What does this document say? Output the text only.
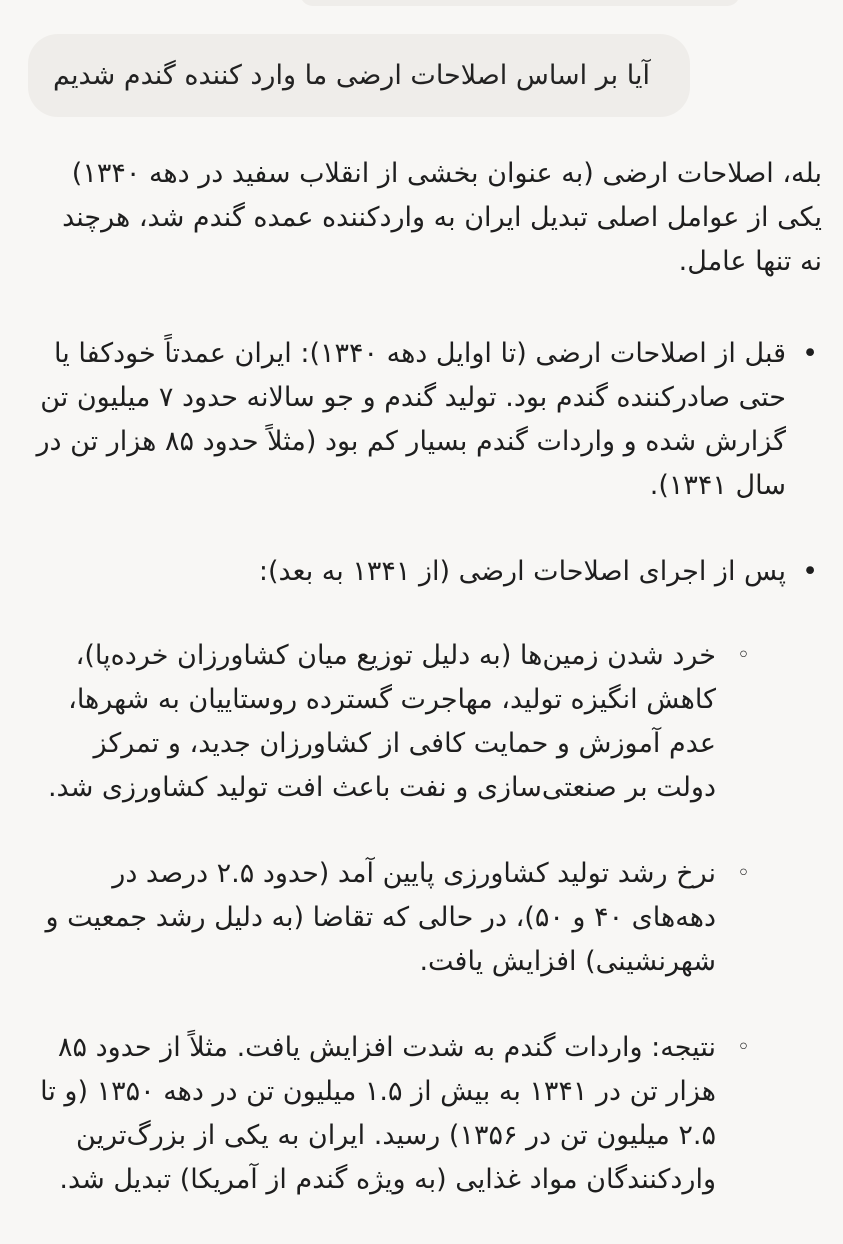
آیا بر اساس اصلاحات ارضی ما وارد کننده گندم شدیم

بله، اصلاحات ارضی (به عنوان بخشی از انقلاب سفید در دهه ۱۳۴۰) یکی از عوامل اصلی تبدیل ایران به واردکننده عمده گندم شد، هرچند نه تنها عامل.

•
قبل از اصلاحات ارضی (تا اوایل دهه ۱۳۴۰): ایران عمدتاً خودکفا یا حتی صادرکننده گندم بود. تولید گندم و جو سالانه حدود ۷ میلیون تن گزارش شده و واردات گندم بسیار کم بود (مثلاً حدود ۸۵ هزار تن در سال ۱۳۴۱).
•
پس از اجرای اصلاحات ارضی (از ۱۳۴۱ به بعد):
◦
خرد شدن زمین‌ها (به دلیل توزیع میان کشاورزان خرده‌پا)، کاهش انگیزه تولید، مهاجرت گسترده روستاییان به شهرها، عدم آموزش و حمایت کافی از کشاورزان جدید، و تمرکز دولت بر صنعتی‌سازی و نفت باعث افت تولید کشاورزی شد.
◦
نرخ رشد تولید کشاورزی پایین آمد (حدود ۲.۵ درصد در دهه‌های ۴۰ و ۵۰)، در حالی که تقاضا (به دلیل رشد جمعیت و شهرنشینی) افزایش یافت.
◦
نتیجه: واردات گندم به شدت افزایش یافت. مثلاً از حدود ۸۵ هزار تن در ۱۳۴۱ به بیش از ۱.۵ میلیون تن در دهه ۱۳۵۰ (و تا ۲.۵ میلیون تن در ۱۳۵۶) رسید. ایران به یکی از بزرگ‌ترین واردکنندگان مواد غذایی (به ویژه گندم از آمریکا) تبدیل شد.
